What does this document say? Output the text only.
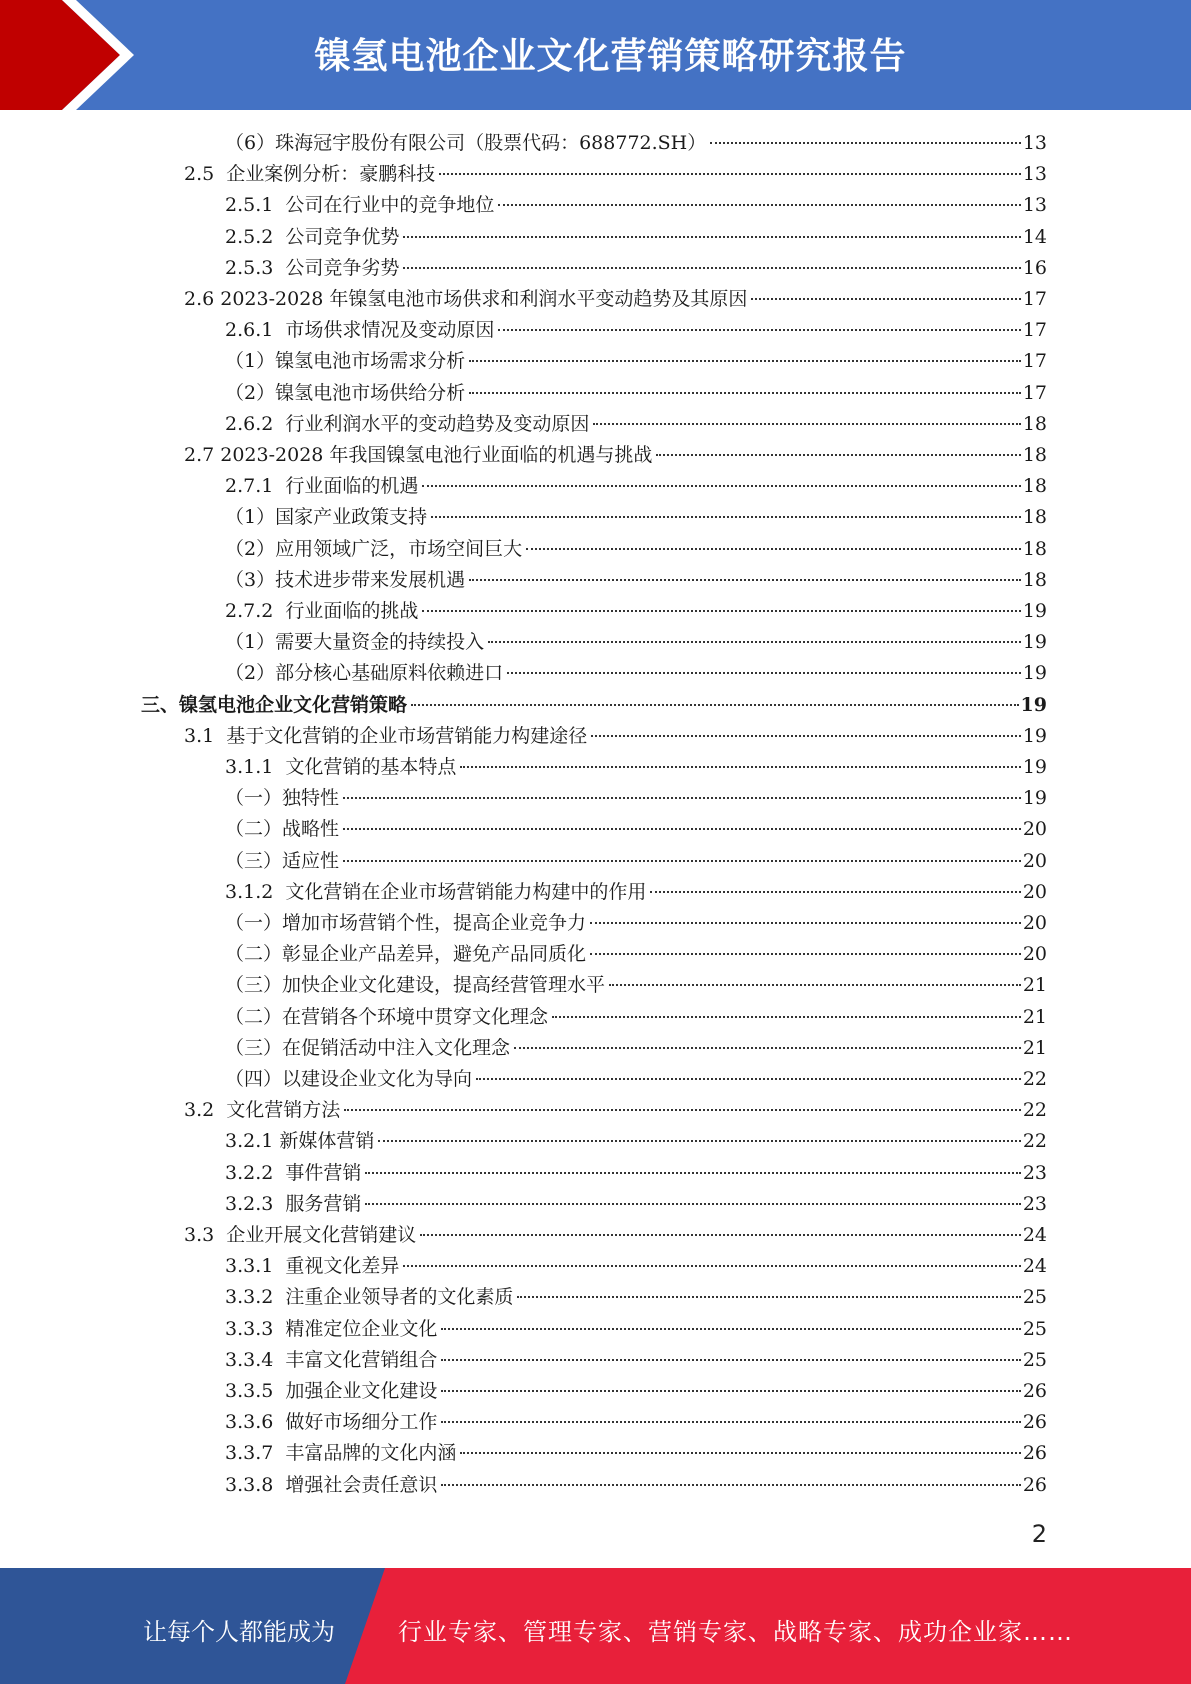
镍氢电池企业文化营销策略研究报告
（6）珠海冠宇股份有限公司（股票代码：688772.SH）	13
2.5  企业案例分析：豪鹏科技	13
2.5.1  公司在行业中的竞争地位	13
2.5.2  公司竞争优势	14
2.5.3  公司竞争劣势	16
2.6 2023-2028 年镍氢电池市场供求和利润水平变动趋势及其原因	17
2.6.1  市场供求情况及变动原因	17
（1）镍氢电池市场需求分析	17
（2）镍氢电池市场供给分析	17
2.6.2  行业利润水平的变动趋势及变动原因	18
2.7 2023-2028 年我国镍氢电池行业面临的机遇与挑战	18
2.7.1  行业面临的机遇	18
（1）国家产业政策支持	18
（2）应用领域广泛，市场空间巨大	18
（3）技术进步带来发展机遇	18
2.7.2  行业面临的挑战	19
（1）需要大量资金的持续投入	19
（2）部分核心基础原料依赖进口	19
三、镍氢电池企业文化营销策略	19
3.1  基于文化营销的企业市场营销能力构建途径	19
3.1.1  文化营销的基本特点	19
（一）独特性	19
（二）战略性	20
（三）适应性	20
3.1.2  文化营销在企业市场营销能力构建中的作用	20
（一）增加市场营销个性，提高企业竞争力	20
（二）彰显企业产品差异，避免产品同质化	20
（三）加快企业文化建设，提高经营管理水平	21
（二）在营销各个环境中贯穿文化理念	21
（三）在促销活动中注入文化理念	21
（四）以建设企业文化为导向	22
3.2  文化营销方法	22
3.2.1 新媒体营销	22
3.2.2  事件营销	23
3.2.3  服务营销	23
3.3  企业开展文化营销建议	24
3.3.1  重视文化差异	24
3.3.2  注重企业领导者的文化素质	25
3.3.3  精准定位企业文化	25
3.3.4  丰富文化营销组合	25
3.3.5  加强企业文化建设	26
3.3.6  做好市场细分工作	26
3.3.7  丰富品牌的文化内涵	26
3.3.8  增强社会责任意识	26
2
让每个人都能成为	行业专家、管理专家、营销专家、战略专家、成功企业家……
